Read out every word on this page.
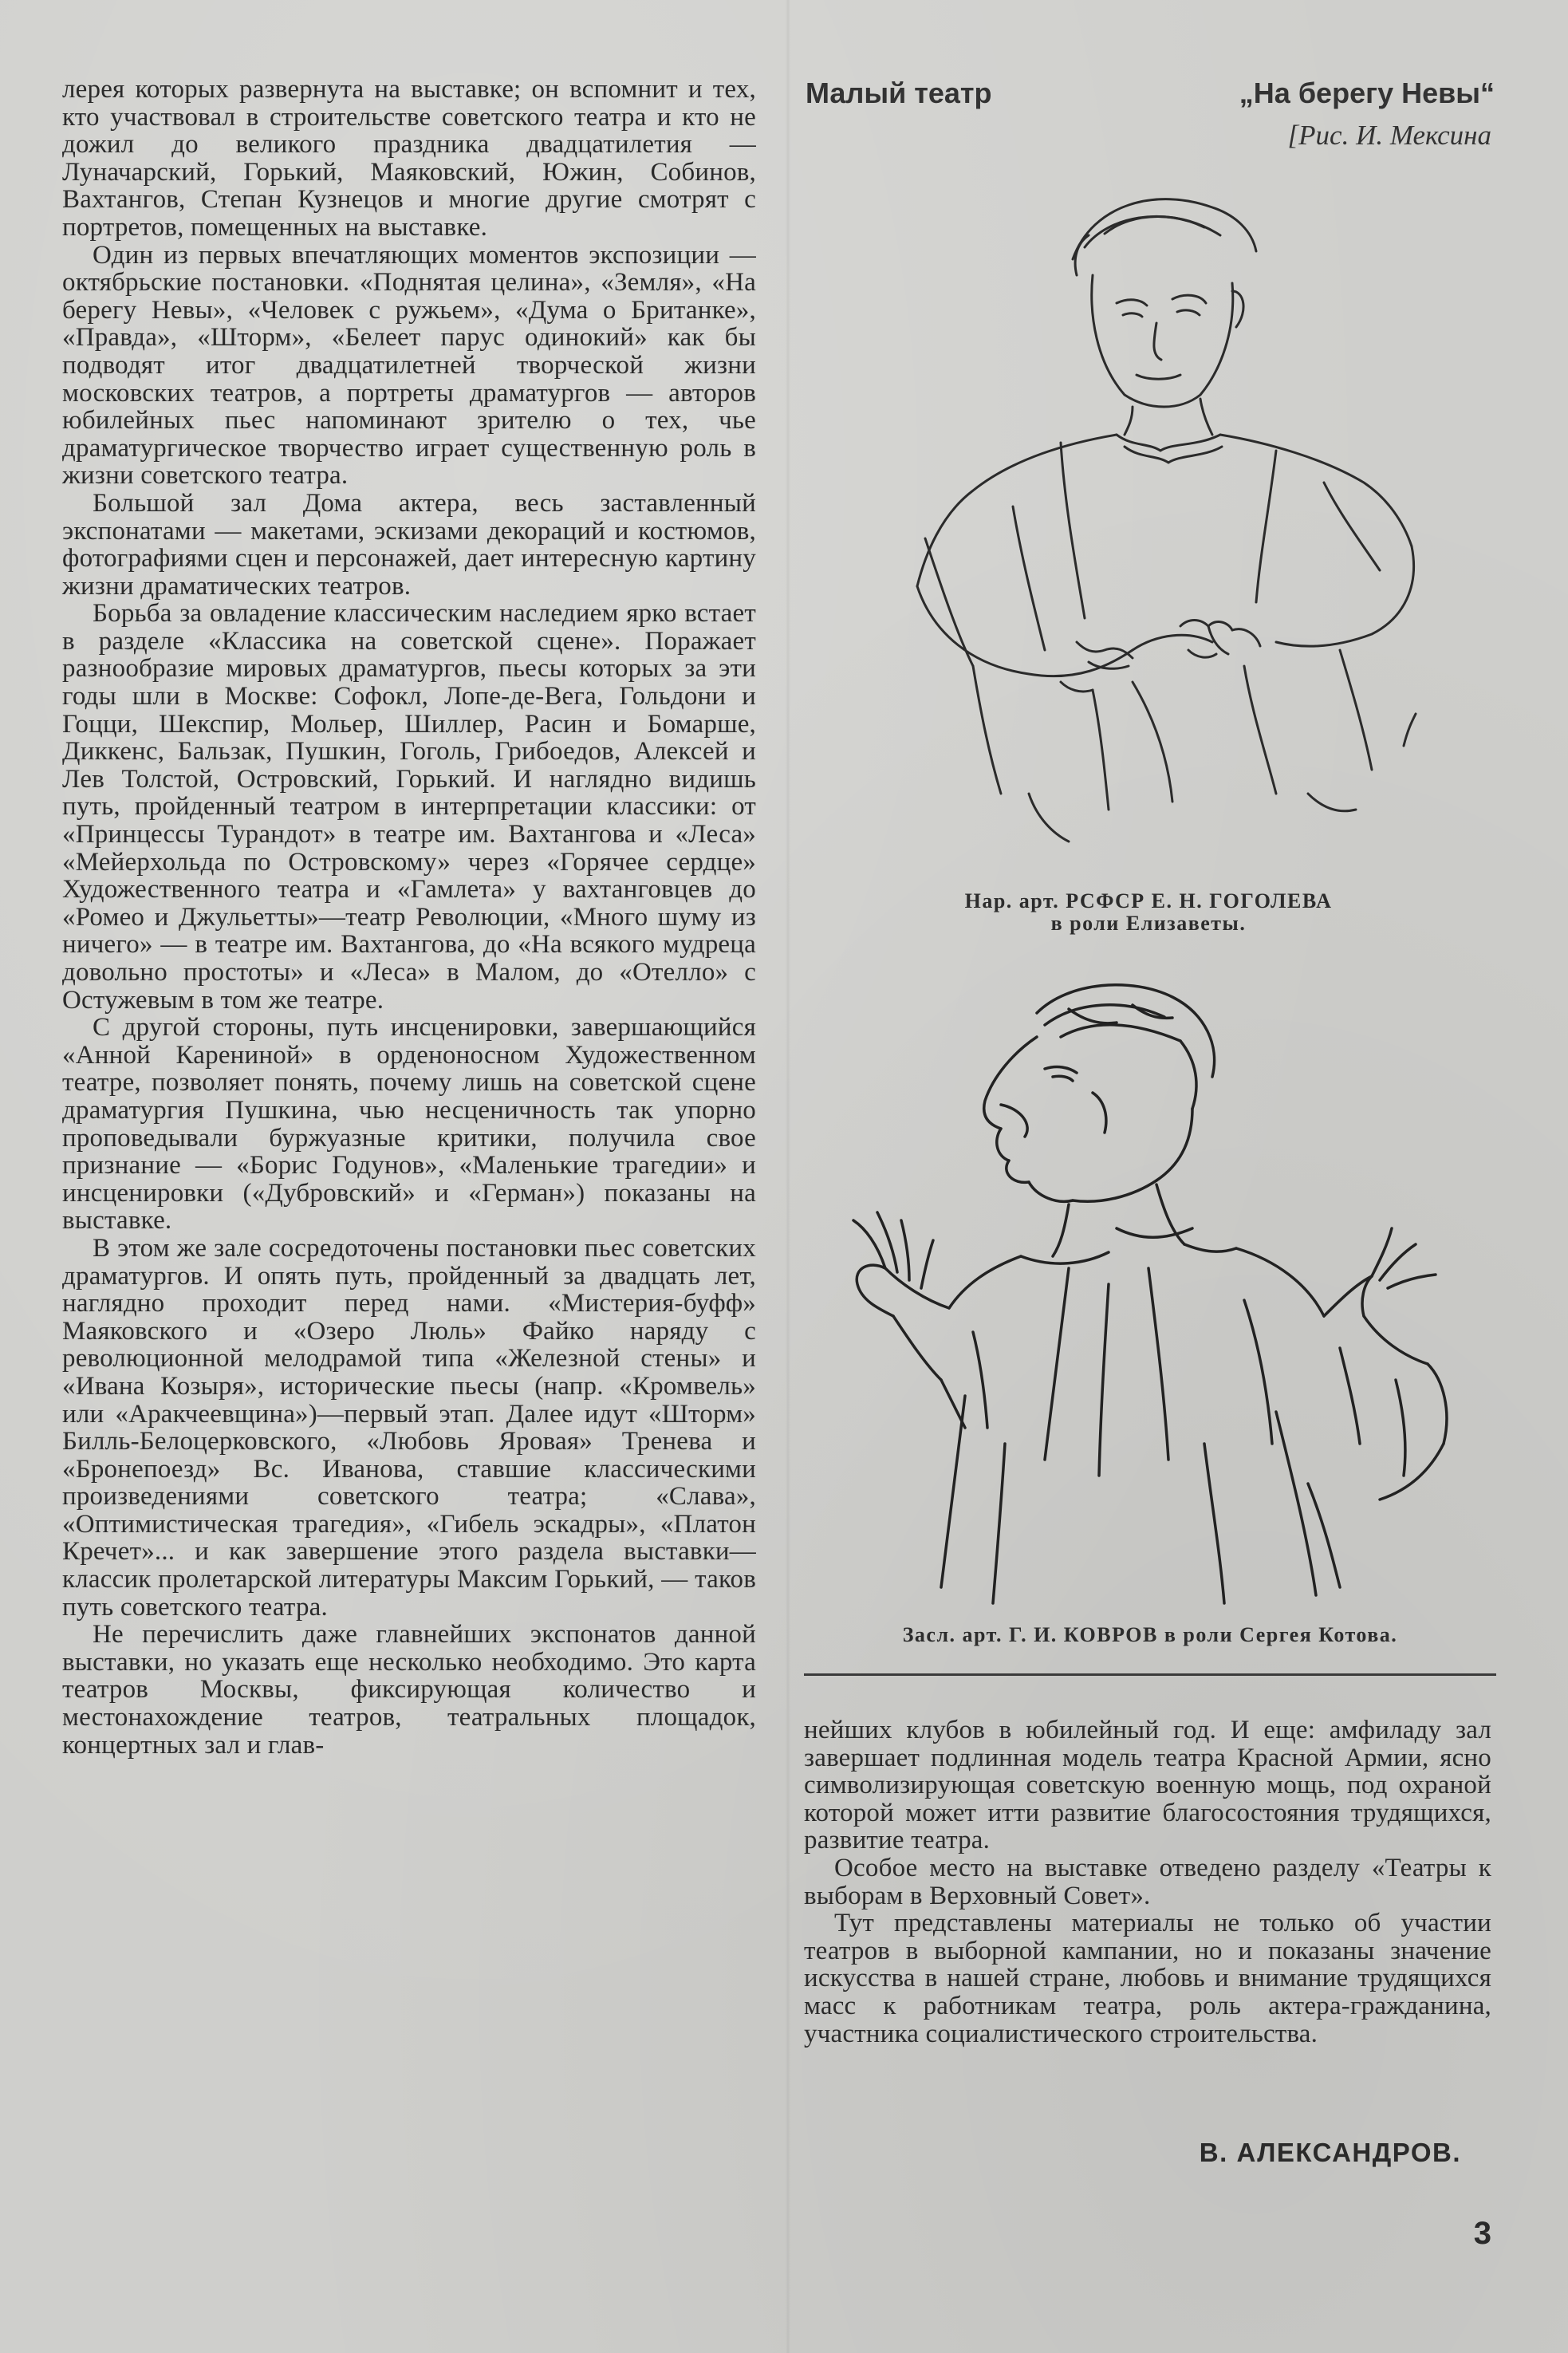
лерея которых развернута на выставке; он вспомнит и тех, кто участвовал в строительстве советского театра и кто не дожил до великого праздника двадцатилетия — Луначарский, Горький, Маяковский, Южин, Собинов, Вахтангов, Степан Кузнецов и многие другие смотрят с портретов, помещенных на выставке.

Один из первых впечатляющих моментов экспозиции — октябрьские постановки. «Поднятая целина», «Земля», «На берегу Невы», «Человек с ружьем», «Дума о Британке», «Правда», «Шторм», «Белеет парус одинокий» как бы подводят итог двадцатилетней творческой жизни московских театров, а портреты драматургов — авторов юбилейных пьес напоминают зрителю о тех, чье драматургическое творчество играет существенную роль в жизни советского театра.

Большой зал Дома актера, весь заставленный экспонатами — макетами, эскизами декораций и костюмов, фотографиями сцен и персонажей, дает интересную картину жизни драматических театров.

Борьба за овладение классическим наследием ярко встает в разделе «Классика на советской сцене». Поражает разнообразие мировых драматургов, пьесы которых за эти годы шли в Москве: Софокл, Лопе-де-Вега, Гольдони и Гоцци, Шекспир, Мольер, Шиллер, Расин и Бомарше, Диккенс, Бальзак, Пушкин, Гоголь, Грибоедов, Алексей и Лев Толстой, Островский, Горький. И наглядно видишь путь, пройденный театром в интерпретации классики: от «Принцессы Турандот» в театре им. Вахтангова и «Леса» «Мейерхольда по Островскому» через «Горячее сердце» Художественного театра и «Гамлета» у вахтанговцев до «Ромео и Джульетты»—театр Революции, «Много шуму из ничего» — в театре им. Вахтангова, до «На всякого мудреца довольно простоты» и «Леса» в Малом, до «Отелло» с Остужевым в том же театре.

С другой стороны, путь инсценировки, завершающийся «Анной Карениной» в орденоносном Художественном театре, позволяет понять, почему лишь на советской сцене драматургия Пушкина, чью несценичность так упорно проповедывали буржуазные критики, получила свое признание — «Борис Годунов», «Маленькие трагедии» и инсценировки («Дубровский» и «Герман») показаны на выставке.

В этом же зале сосредоточены постановки пьес советских драматургов. И опять путь, пройденный за двадцать лет, наглядно проходит перед нами. «Мистерия-буфф» Маяковского и «Озеро Люль» Файко наряду с революционной мелодрамой типа «Железной стены» и «Ивана Козыря», исторические пьесы (напр. «Кромвель» или «Аракчеевщина»)—первый этап. Далее идут «Шторм» Билль-Белоцерковского, «Любовь Яровая» Тренева и «Бронепоезд» Вс. Иванова, ставшие классическими произведениями советского театра; «Слава», «Оптимистическая трагедия», «Гибель эскадры», «Платон Кречет»... и как завершение этого раздела выставки—классик пролетарской литературы Максим Горький, — таков путь советского театра.

Не перечислить даже главнейших экспонатов данной выставки, но указать еще несколько необходимо. Это карта театров Москвы, фиксирующая количество и местонахождение театров, театральных площадок, концертных зал и глав-

Малый театр	„На берегу Невы“
[Рис. И. Мексина
Нар. арт. РСФСР Е. Н. ГОГОЛЕВА
в роли Елизаветы.
Засл. арт. Г. И. КОВРОВ в роли Сергея Котова.

нейших клубов в юбилейный год. И еще: амфиладу зал завершает подлинная модель театра Красной Армии, ясно символизирующая советскую военную мощь, под охраной которой может итти развитие благосостояния трудящихся, развитие театра.

Особое место на выставке отведено разделу «Театры к выборам в Верховный Совет».

Тут представлены материалы не только об участии театров в выборной кампании, но и показаны значение искусства в нашей стране, любовь и внимание трудящихся масс к работникам театра, роль актера-гражданина, участника социалистического строительства.

В. АЛЕКСАНДРОВ.
3
